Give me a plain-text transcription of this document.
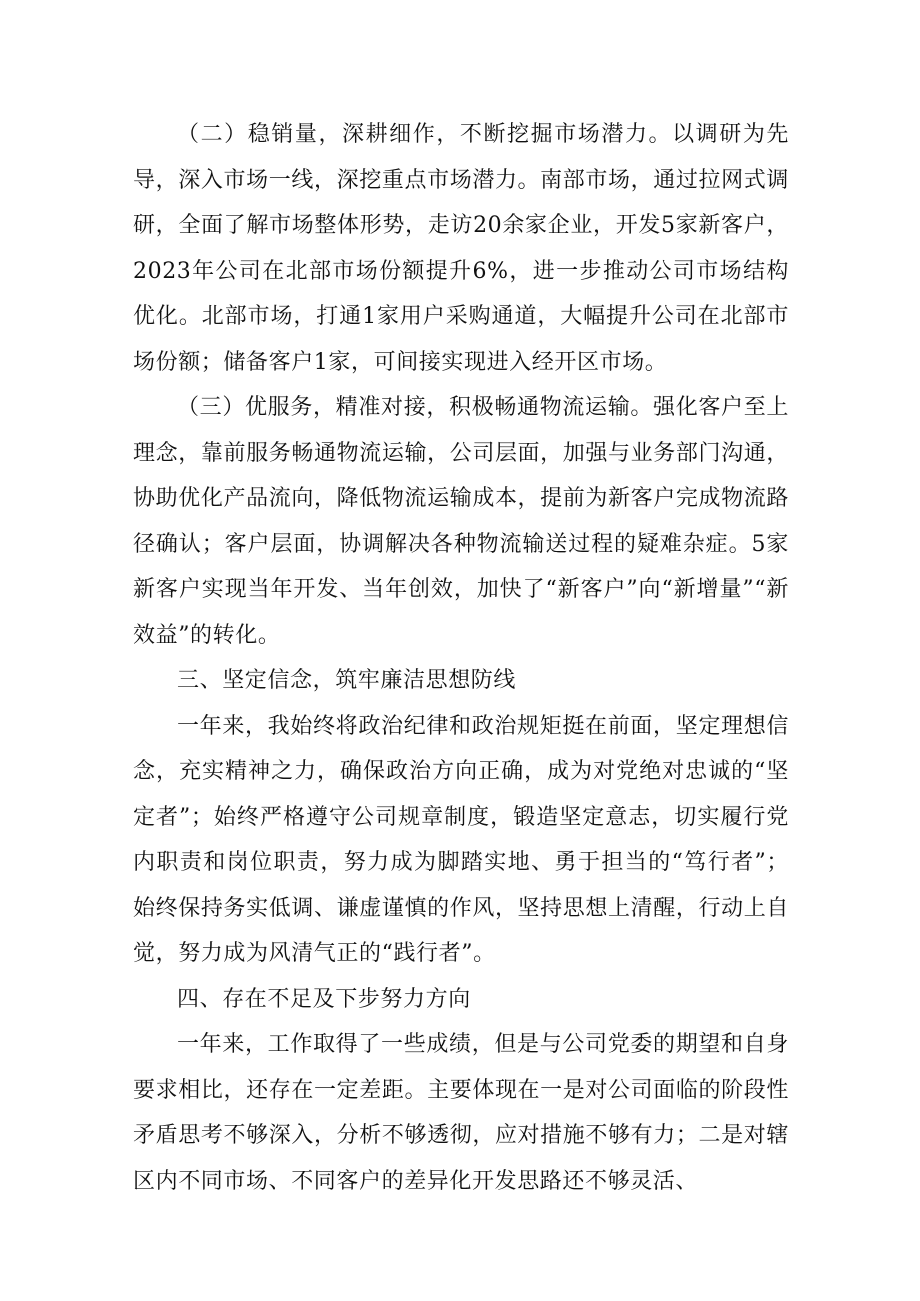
（二）稳销量，深耕细作，不断挖掘市场潜力。以调研为先导，深入市场一线，深挖重点市场潜力。南部市场，通过拉网式调研，全面了解市场整体形势，走访20余家企业，开发5家新客户，2023年公司在北部市场份额提升6%，进一步推动公司市场结构优化。北部市场，打通1家用户采购通道，大幅提升公司在北部市场份额；储备客户1家，可间接实现进入经开区市场。

（三）优服务，精准对接，积极畅通物流运输。强化客户至上理念，靠前服务畅通物流运输，公司层面，加强与业务部门沟通，协助优化产品流向，降低物流运输成本，提前为新客户完成物流路径确认；客户层面，协调解决各种物流输送过程的疑难杂症。5家新客户实现当年开发、当年创效，加快了“新客户”向“新增量”“新效益”的转化。

三、坚定信念，筑牢廉洁思想防线

一年来，我始终将政治纪律和政治规矩挺在前面，坚定理想信念，充实精神之力，确保政治方向正确，成为对党绝对忠诚的“坚定者”；始终严格遵守公司规章制度，锻造坚定意志，切实履行党内职责和岗位职责，努力成为脚踏实地、勇于担当的“笃行者”；始终保持务实低调、谦虚谨慎的作风，坚持思想上清醒，行动上自觉，努力成为风清气正的“践行者”。

四、存在不足及下步努力方向

一年来，工作取得了一些成绩，但是与公司党委的期望和自身要求相比，还存在一定差距。主要体现在一是对公司面临的阶段性矛盾思考不够深入，分析不够透彻，应对措施不够有力；二是对辖区内不同市场、不同客户的差异化开发思路还不够灵活、
